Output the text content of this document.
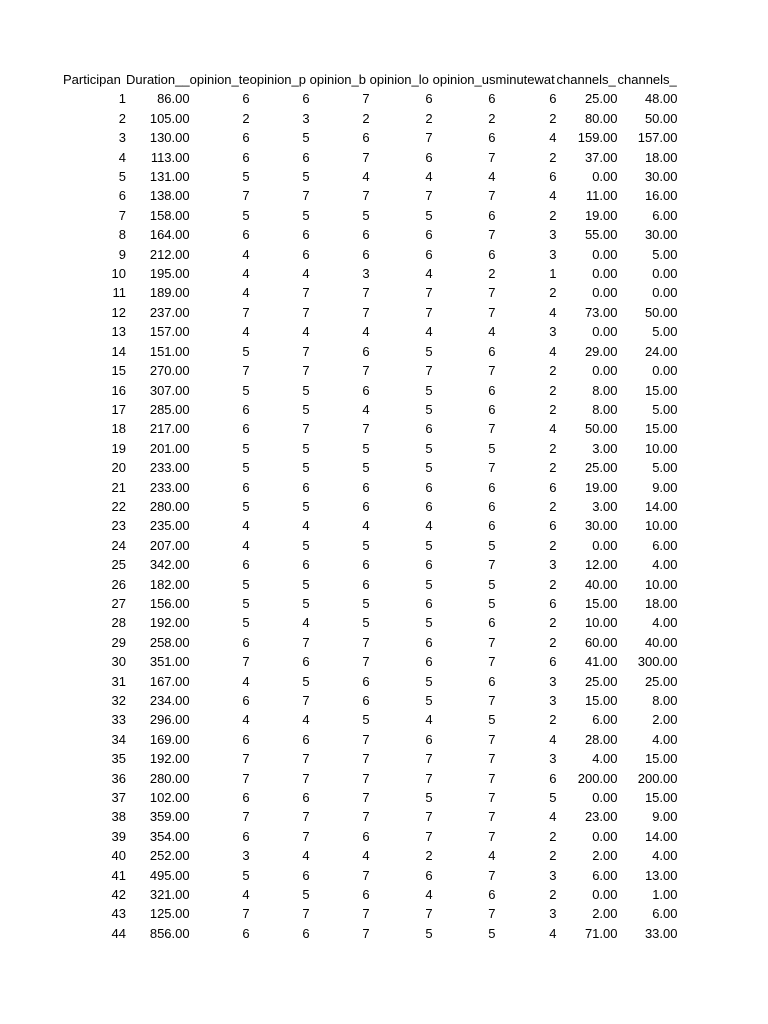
Participan	Duration__	opinion_te	opinion_p	opinion_b	opinion_lo	opinion_us	minutewat	channels_	channels_
1	86.00	6	6	7	6	6	6	25.00	48.00
2	105.00	2	3	2	2	2	2	80.00	50.00
3	130.00	6	5	6	7	6	4	159.00	157.00
4	113.00	6	6	7	6	7	2	37.00	18.00
5	131.00	5	5	4	4	4	6	0.00	30.00
6	138.00	7	7	7	7	7	4	11.00	16.00
7	158.00	5	5	5	5	6	2	19.00	6.00
8	164.00	6	6	6	6	7	3	55.00	30.00
9	212.00	4	6	6	6	6	3	0.00	5.00
10	195.00	4	4	3	4	2	1	0.00	0.00
11	189.00	4	7	7	7	7	2	0.00	0.00
12	237.00	7	7	7	7	7	4	73.00	50.00
13	157.00	4	4	4	4	4	3	0.00	5.00
14	151.00	5	7	6	5	6	4	29.00	24.00
15	270.00	7	7	7	7	7	2	0.00	0.00
16	307.00	5	5	6	5	6	2	8.00	15.00
17	285.00	6	5	4	5	6	2	8.00	5.00
18	217.00	6	7	7	6	7	4	50.00	15.00
19	201.00	5	5	5	5	5	2	3.00	10.00
20	233.00	5	5	5	5	7	2	25.00	5.00
21	233.00	6	6	6	6	6	6	19.00	9.00
22	280.00	5	5	6	6	6	2	3.00	14.00
23	235.00	4	4	4	4	6	6	30.00	10.00
24	207.00	4	5	5	5	5	2	0.00	6.00
25	342.00	6	6	6	6	7	3	12.00	4.00
26	182.00	5	5	6	5	5	2	40.00	10.00
27	156.00	5	5	5	6	5	6	15.00	18.00
28	192.00	5	4	5	5	6	2	10.00	4.00
29	258.00	6	7	7	6	7	2	60.00	40.00
30	351.00	7	6	7	6	7	6	41.00	300.00
31	167.00	4	5	6	5	6	3	25.00	25.00
32	234.00	6	7	6	5	7	3	15.00	8.00
33	296.00	4	4	5	4	5	2	6.00	2.00
34	169.00	6	6	7	6	7	4	28.00	4.00
35	192.00	7	7	7	7	7	3	4.00	15.00
36	280.00	7	7	7	7	7	6	200.00	200.00
37	102.00	6	6	7	5	7	5	0.00	15.00
38	359.00	7	7	7	7	7	4	23.00	9.00
39	354.00	6	7	6	7	7	2	0.00	14.00
40	252.00	3	4	4	2	4	2	2.00	4.00
41	495.00	5	6	7	6	7	3	6.00	13.00
42	321.00	4	5	6	4	6	2	0.00	1.00
43	125.00	7	7	7	7	7	3	2.00	6.00
44	856.00	6	6	7	5	5	4	71.00	33.00
